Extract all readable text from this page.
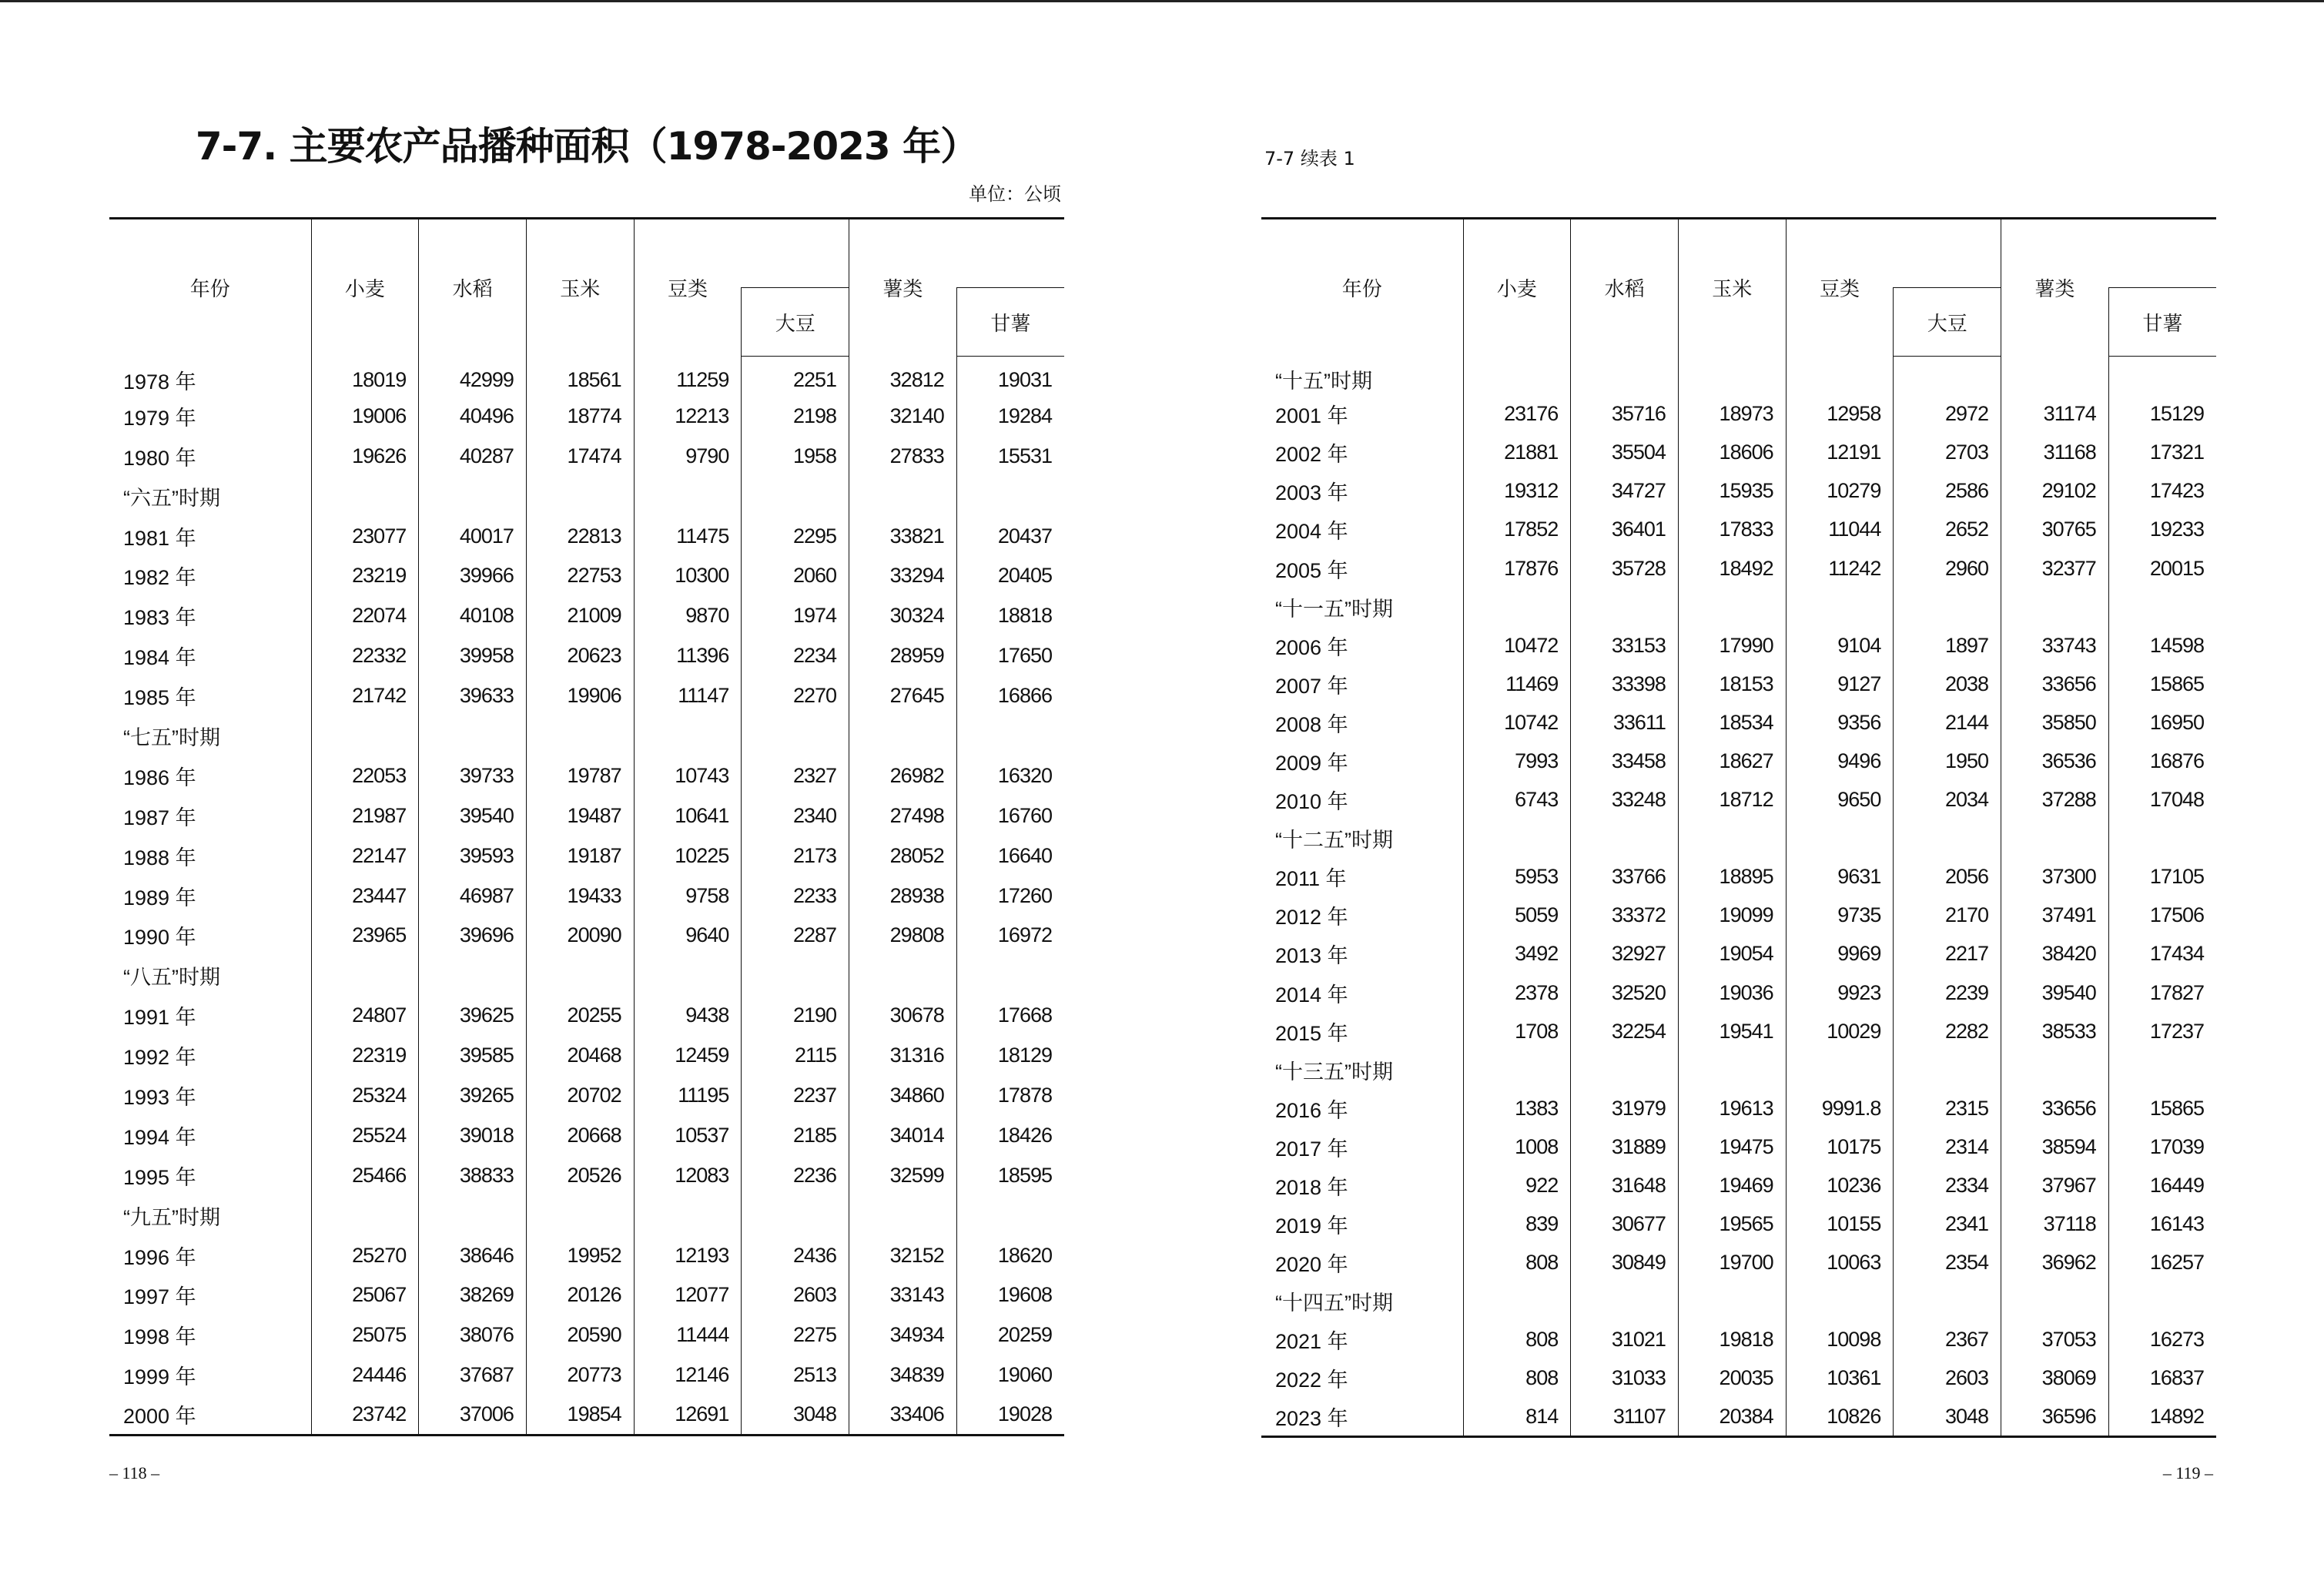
7-7. 主要农产品播种面积（1978-2023 年）
单位：公顷
年份	小麦	水稻	玉米	豆类		薯类	
					大豆		甘薯
1978 年	18019	42999	18561	11259	2251	32812	19031
1979 年	19006	40496	18774	12213	2198	32140	19284
1980 年	19626	40287	17474	9790	1958	27833	15531
“六五”时期							
1981 年	23077	40017	22813	11475	2295	33821	20437
1982 年	23219	39966	22753	10300	2060	33294	20405
1983 年	22074	40108	21009	9870	1974	30324	18818
1984 年	22332	39958	20623	11396	2234	28959	17650
1985 年	21742	39633	19906	11147	2270	27645	16866
“七五”时期							
1986 年	22053	39733	19787	10743	2327	26982	16320
1987 年	21987	39540	19487	10641	2340	27498	16760
1988 年	22147	39593	19187	10225	2173	28052	16640
1989 年	23447	46987	19433	9758	2233	28938	17260
1990 年	23965	39696	20090	9640	2287	29808	16972
“八五”时期							
1991 年	24807	39625	20255	9438	2190	30678	17668
1992 年	22319	39585	20468	12459	2115	31316	18129
1993 年	25324	39265	20702	11195	2237	34860	17878
1994 年	25524	39018	20668	10537	2185	34014	18426
1995 年	25466	38833	20526	12083	2236	32599	18595
“九五”时期							
1996 年	25270	38646	19952	12193	2436	32152	18620
1997 年	25067	38269	20126	12077	2603	33143	19608
1998 年	25075	38076	20590	11444	2275	34934	20259
1999 年	24446	37687	20773	12146	2513	34839	19060
2000 年	23742	37006	19854	12691	3048	33406	19028
– 118 –
7-7 续表 1
年份	小麦	水稻	玉米	豆类		薯类	
					大豆		甘薯
“十五”时期							
2001 年	23176	35716	18973	12958	2972	31174	15129
2002 年	21881	35504	18606	12191	2703	31168	17321
2003 年	19312	34727	15935	10279	2586	29102	17423
2004 年	17852	36401	17833	11044	2652	30765	19233
2005 年	17876	35728	18492	11242	2960	32377	20015
“十一五”时期							
2006 年	10472	33153	17990	9104	1897	33743	14598
2007 年	11469	33398	18153	9127	2038	33656	15865
2008 年	10742	33611	18534	9356	2144	35850	16950
2009 年	7993	33458	18627	9496	1950	36536	16876
2010 年	6743	33248	18712	9650	2034	37288	17048
“十二五”时期							
2011 年	5953	33766	18895	9631	2056	37300	17105
2012 年	5059	33372	19099	9735	2170	37491	17506
2013 年	3492	32927	19054	9969	2217	38420	17434
2014 年	2378	32520	19036	9923	2239	39540	17827
2015 年	1708	32254	19541	10029	2282	38533	17237
“十三五”时期							
2016 年	1383	31979	19613	9991.8	2315	33656	15865
2017 年	1008	31889	19475	10175	2314	38594	17039
2018 年	922	31648	19469	10236	2334	37967	16449
2019 年	839	30677	19565	10155	2341	37118	16143
2020 年	808	30849	19700	10063	2354	36962	16257
“十四五”时期							
2021 年	808	31021	19818	10098	2367	37053	16273
2022 年	808	31033	20035	10361	2603	38069	16837
2023 年	814	31107	20384	10826	3048	36596	14892
– 119 –
